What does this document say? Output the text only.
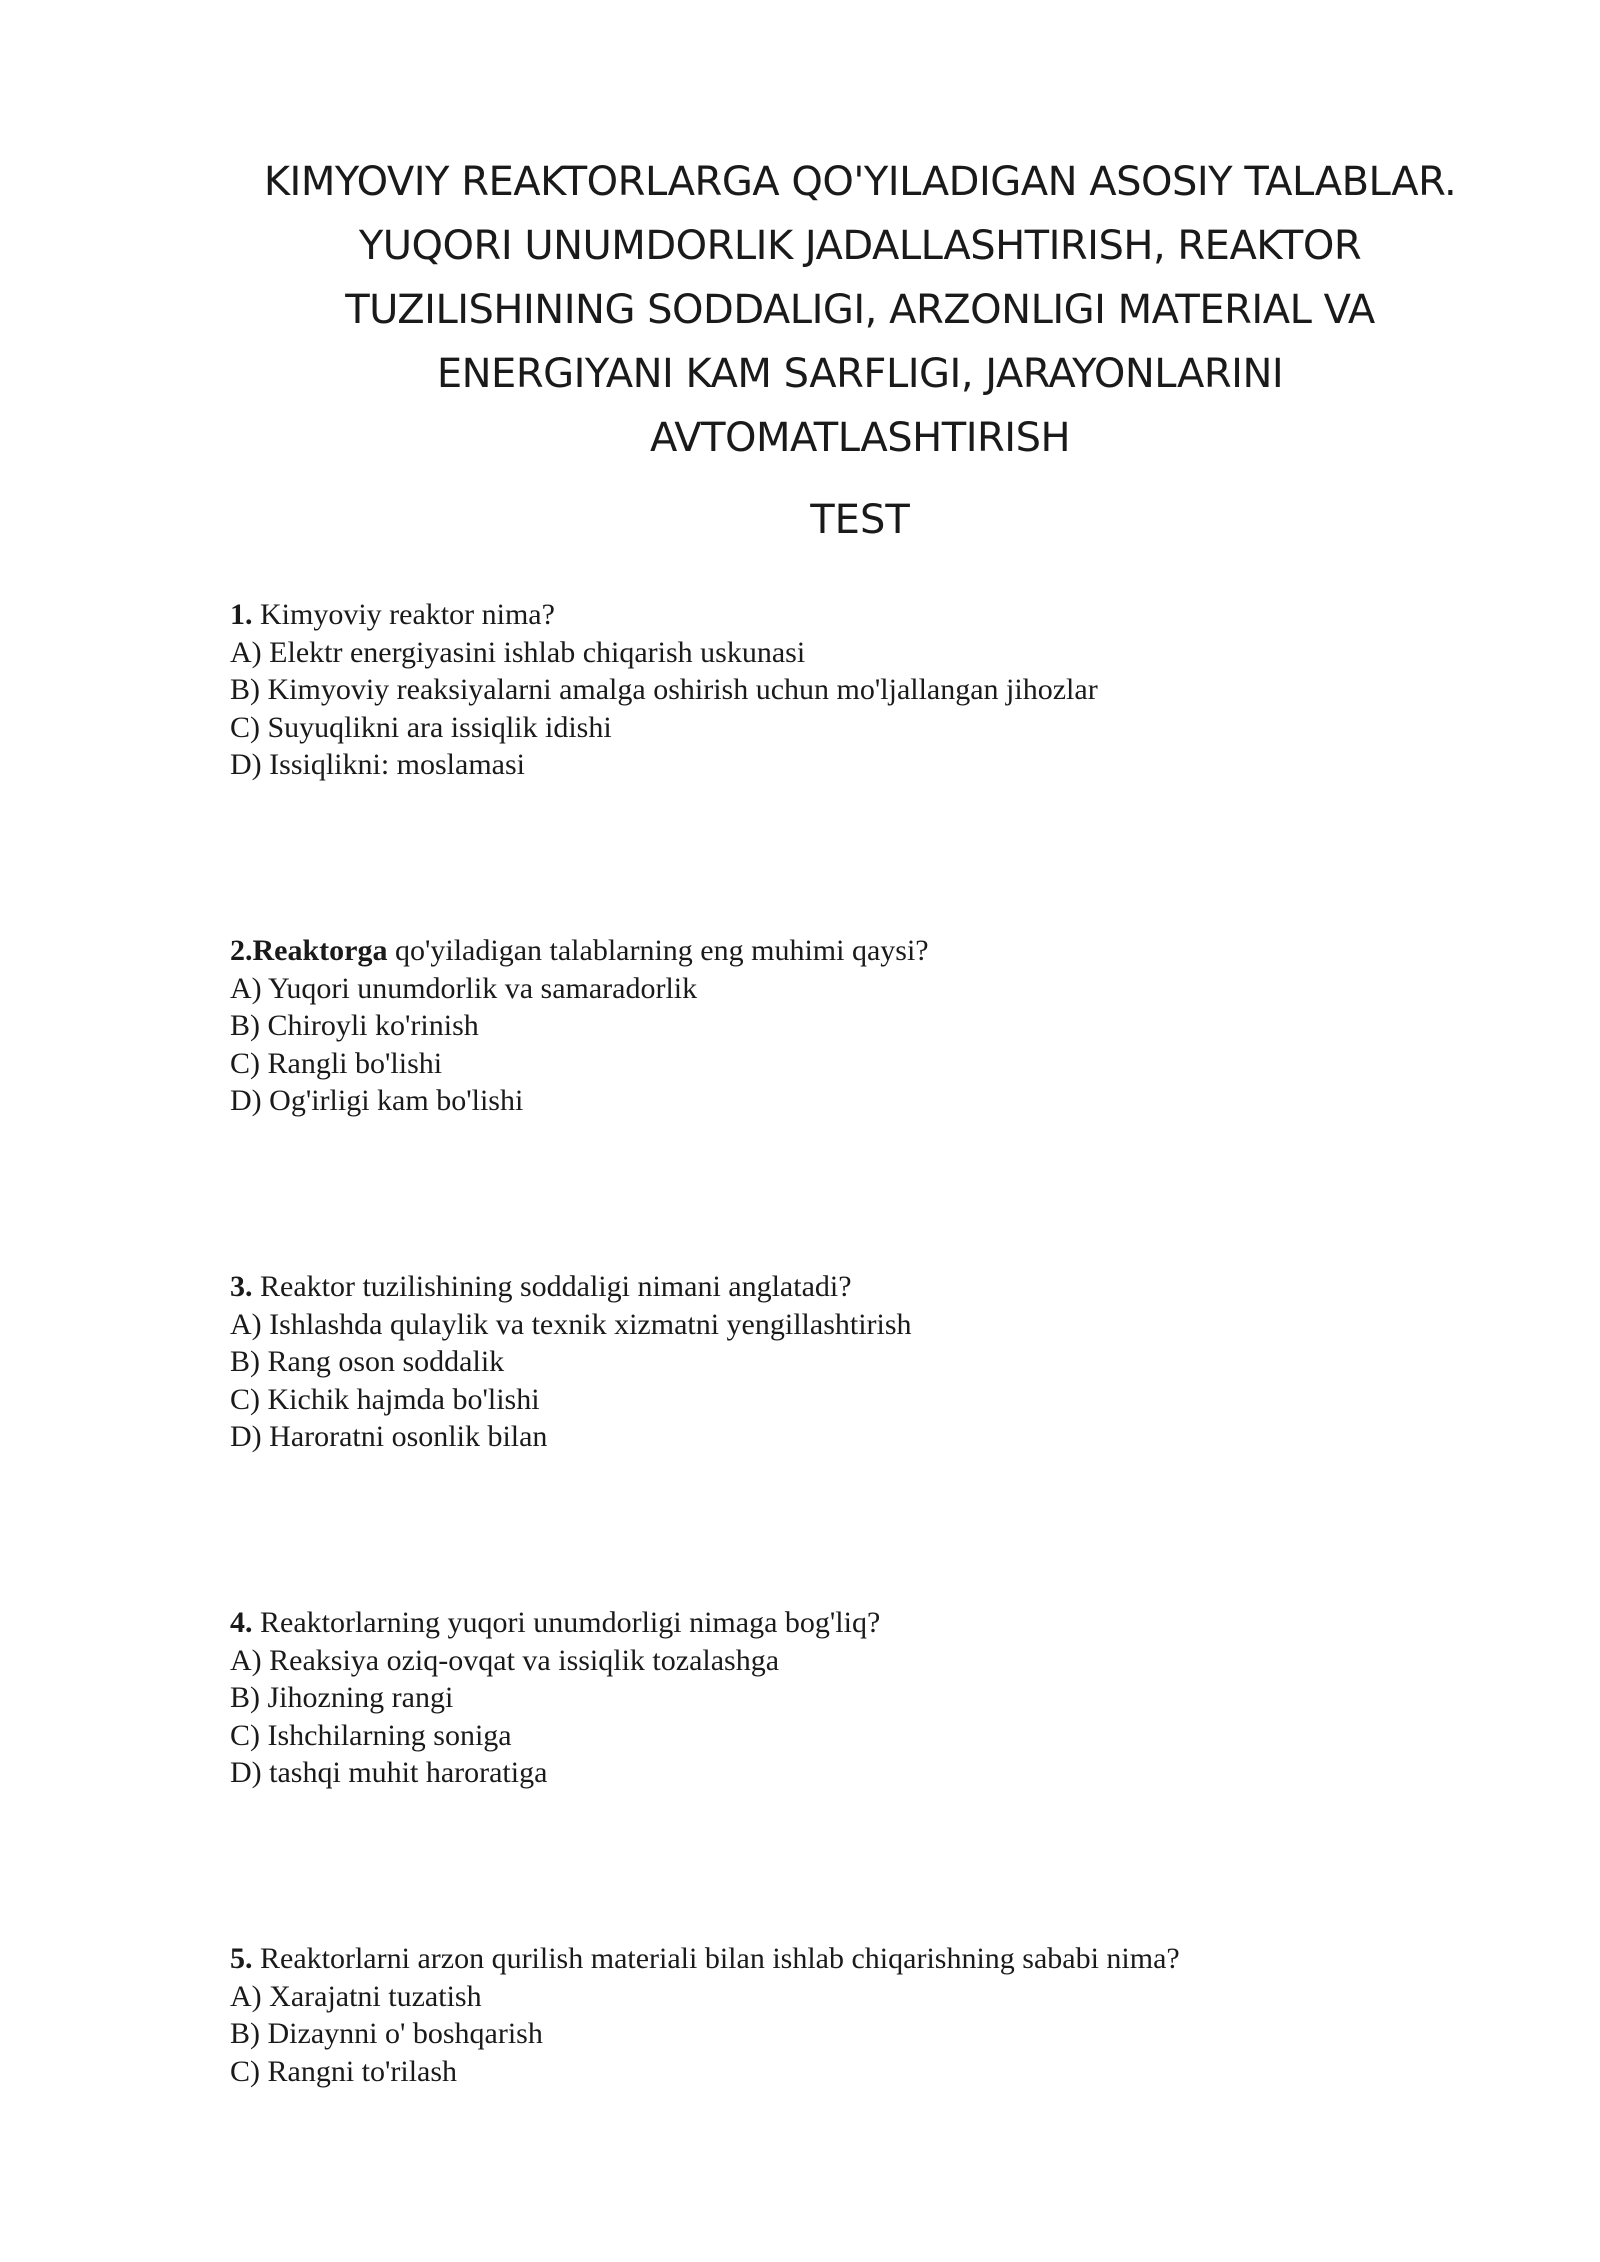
KIMYOVIY REAKTORLARGA QO'YILADIGAN ASOSIY TALABLAR.
YUQORI UNUMDORLIK JADALLASHTIRISH, REAKTOR
TUZILISHINING SODDALIGI, ARZONLIGI MATERIAL VA
ENERGIYANI KAM SARFLIGI, JARAYONLARINI
AVTOMATLASHTIRISH
TEST

1. Kimyoviy reaktor nima?

A) Elektr energiyasini ishlab chiqarish uskunasi

B) Kimyoviy reaksiyalarni amalga oshirish uchun mo'ljallangan jihozlar

C) Suyuqlikni ara issiqlik idishi

D) Issiqlikni: moslamasi

2.Reaktorga qo'yiladigan talablarning eng muhimi qaysi?

A) Yuqori unumdorlik va samaradorlik

B) Chiroyli ko'rinish

C) Rangli bo'lishi

D) Og'irligi kam bo'lishi

3. Reaktor tuzilishining soddaligi nimani anglatadi?

A) Ishlashda qulaylik va texnik xizmatni yengillashtirish

B) Rang oson soddalik

C) Kichik hajmda bo'lishi

D) Haroratni osonlik bilan

4. Reaktorlarning yuqori unumdorligi nimaga bog'liq?

A) Reaksiya oziq-ovqat va issiqlik tozalashga

B) Jihozning rangi

C) Ishchilarning soniga

D) tashqi muhit haroratiga

5. Reaktorlarni arzon qurilish materiali bilan ishlab chiqarishning sababi nima?

A) Xarajatni tuzatish

B) Dizaynni o' boshqarish

C) Rangni to'rilash
